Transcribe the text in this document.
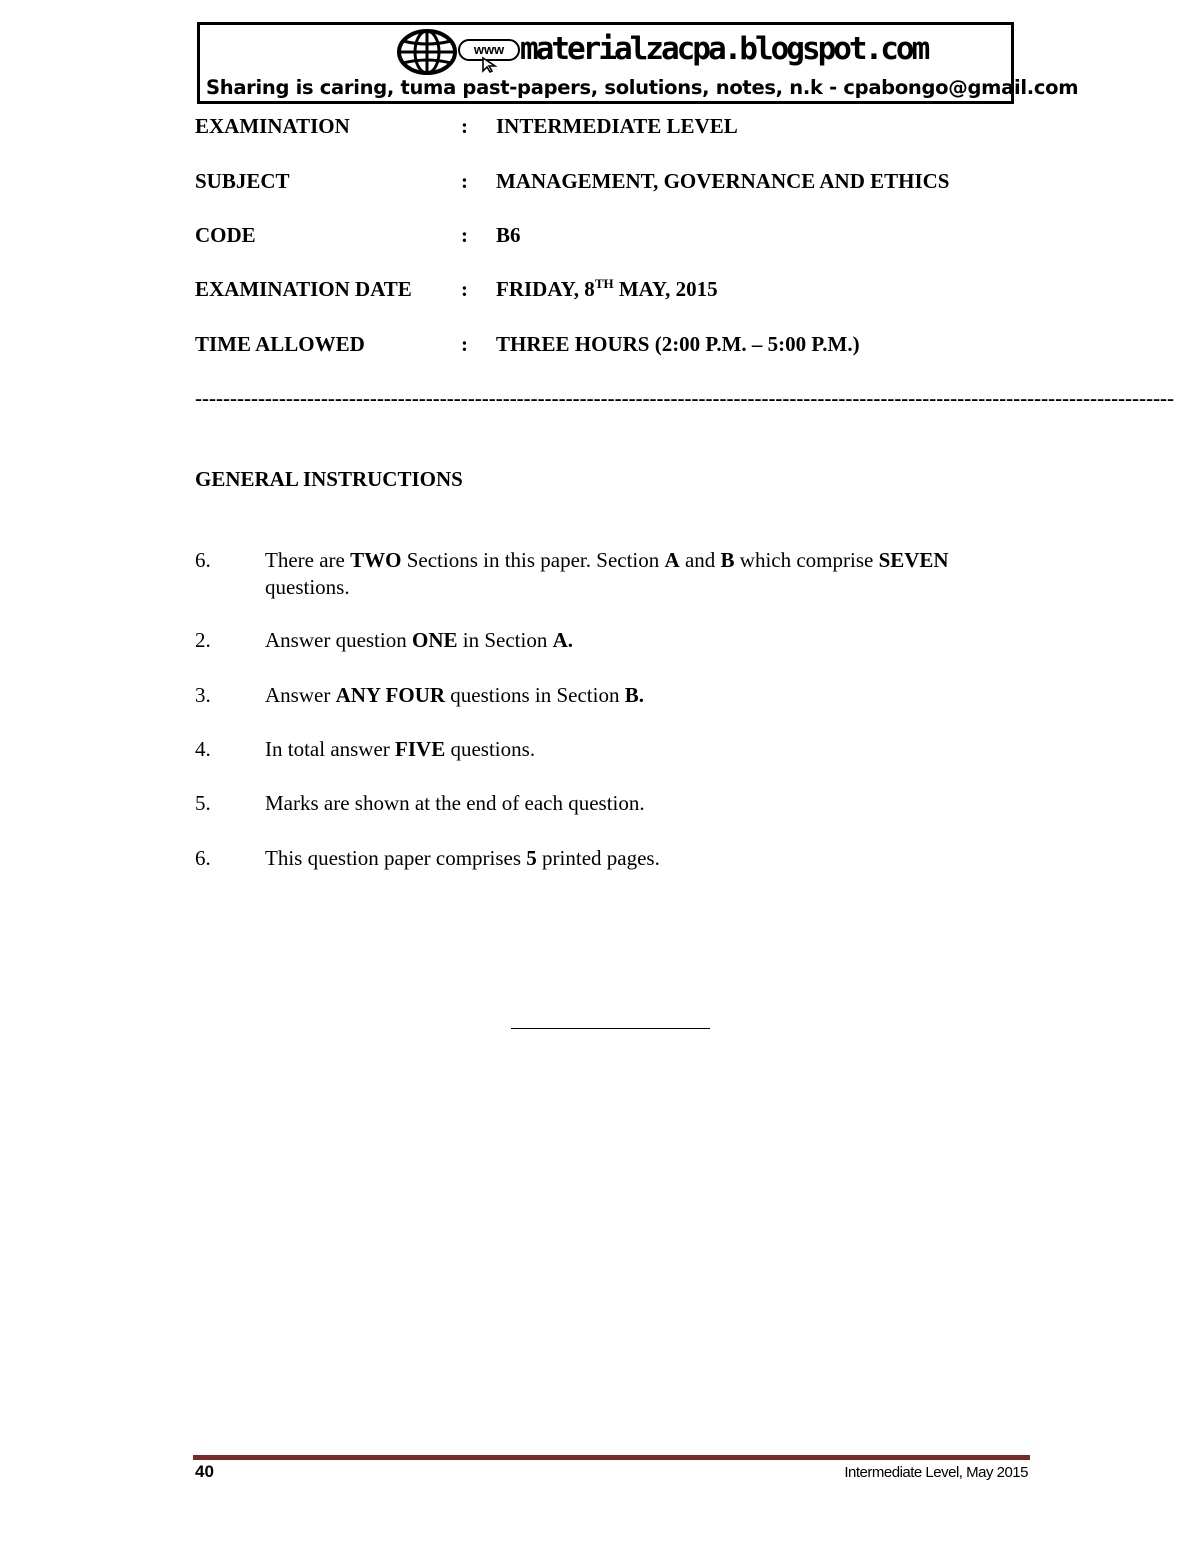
www materialzacpa.blogspot.com
Sharing is caring, tuma past-papers, solutions, notes, n.k - cpabongo@gmail.com
EXAMINATION	: INTERMEDIATE LEVEL
SUBJECT	: MANAGEMENT, GOVERNANCE AND ETHICS
CODE	: B6
EXAMINATION DATE : FRIDAY, 8TH MAY, 2015
TIME ALLOWED	: THREE HOURS (2:00 P.M. – 5:00 P.M.)
--------------------------------------------------------------------------------------------------------------------------------------------
GENERAL INSTRUCTIONS
6.	There are TWO Sections in this paper. Section A and B which comprise SEVEN questions.
2.	Answer question ONE in Section A.
3.	Answer ANY FOUR questions in Section B.
4.	In total answer FIVE questions.
5.	Marks are shown at the end of each question.
6.	This question paper comprises 5 printed pages.
40	Intermediate Level, May 2015
